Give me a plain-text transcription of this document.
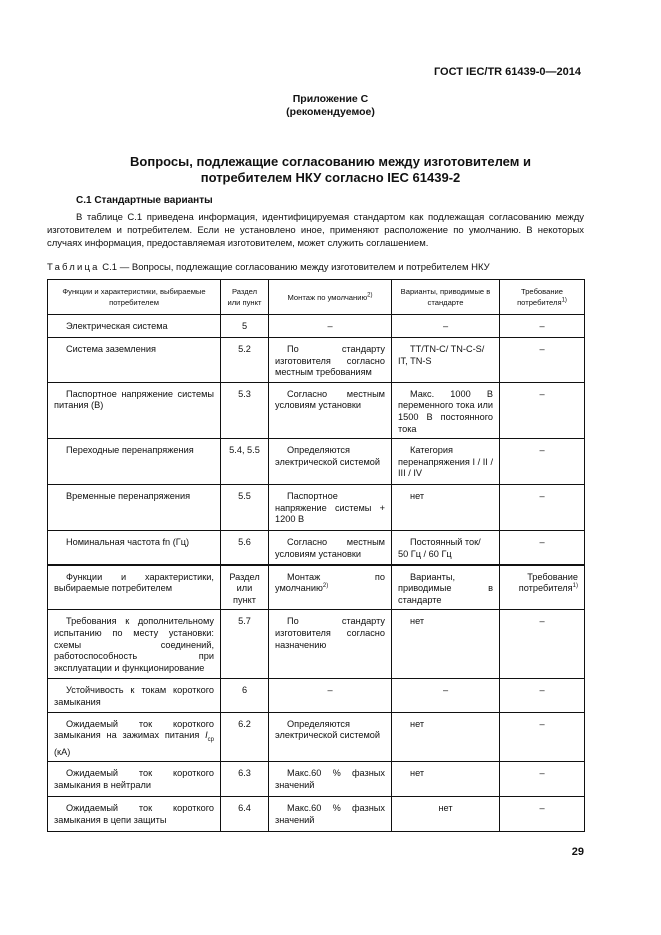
ГОСТ IEC/TR 61439-0—2014
Приложение С
(рекомендуемое)
Вопросы, подлежащие согласованию между изготовителем и
потребителем НКУ согласно IEC 61439-2
С.1 Стандартные варианты

В таблице С.1 приведена информация, идентифицируемая стандартом как подлежащая согласованию между изготовителем и потребителем. Если не установлено иное, применяют расположение по умолчанию. В некоторых случаях информация, предоставляемая изготовителем, может служить соглашением.

Таблица С.1 — Вопросы, подлежащие согласованию между изготовителем и потребителем НКУ
Функции и характеристики, выбираемые потребителем	Раздел или пункт	Монтаж по умолчанию$^{2)}$	Варианты, приводимые в стандарте	Требование потребителя$^{1)}$
Электрическая система	5	–	–	–
Система заземления	5.2	По стандарту изготовителя согласно местным требованиям	TT/TN-C/ TN-C-S/ IT, TN-S	–
Паспортное напряжение системы питания (В)	5.3	Согласно местным условиям установки	Макс. 1000 В переменного тока или 1500 В постоянного тока	–
Переходные перенапряжения	5.4, 5.5	Определяются электрической системой	Категория перенапряжения I / II / III / IV	–
Временные перенапряжения	5.5	Паспортное напряжение системы + 1200 В	нет	–
Номинальная частота fn (Гц)	5.6	Согласно местным условиям установки	Постоянный ток/ 50 Гц / 60 Гц	–
Функции и характеристики, выбираемые потребителем	Раздел или пункт	Монтаж по умолчанию$^{2)}$	Варианты, приводимые в стандарте	Требование потребителя$^{1)}$
Требования к дополнительному испытанию по месту установки: схемы соединений, работоспособность при эксплуатации и функционирование	5.7	По стандарту изготовителя согласно назначению	нет	–
Устойчивость к токам короткого замыкания	6	–	–	–
Ожидаемый ток короткого замыкания на зажимах питания $I_{cp}$ (кА)	6.2	Определяются электрической системой	нет	–
Ожидаемый ток короткого замыкания в нейтрали	6.3	Макс.60 % фазных значений	нет	–
Ожидаемый ток короткого замыкания в цепи защиты	6.4	Макс.60 % фазных значений	нет	–
29
